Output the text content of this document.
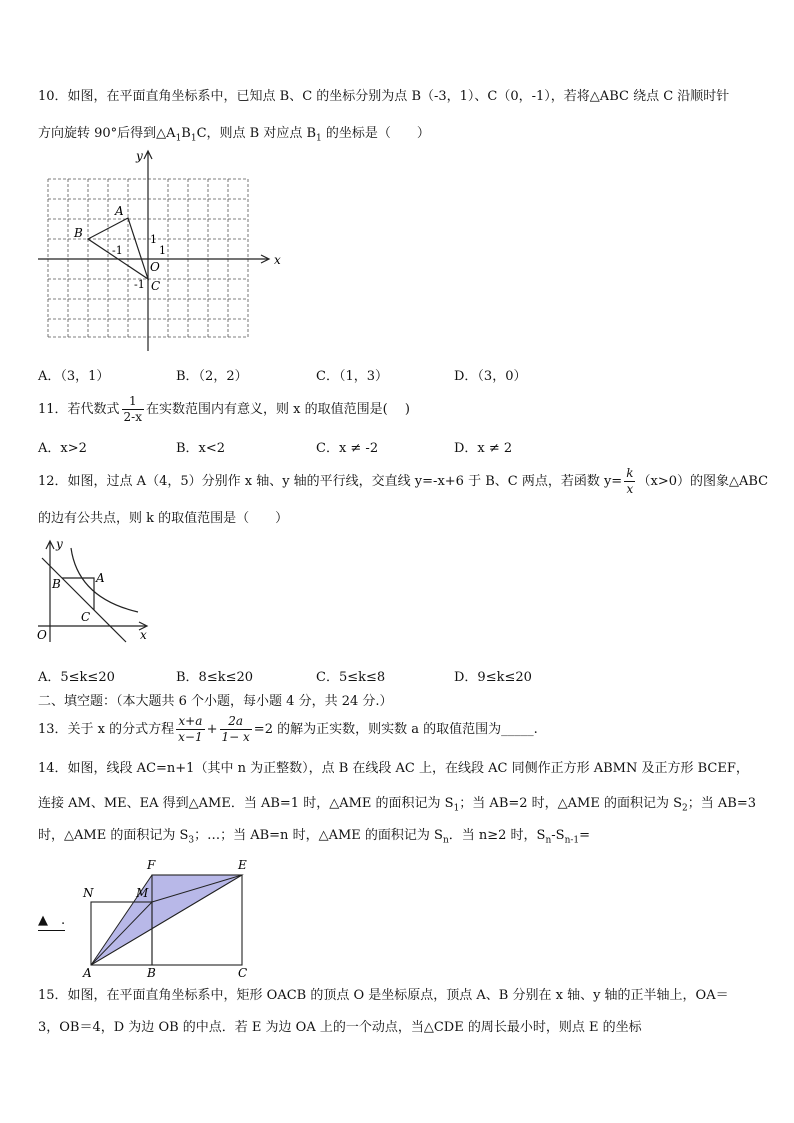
10．如图，在平面直角坐标系中，已知点 B、C 的坐标分别为点 B（-3，1）、C（0，-1），若将△ABC 绕点 C 沿顺时针
方向旋转 90°后得到$\triangle A_1B_1C$，则点 B 对应点 $B_1$ 的坐标是（　　）
x
y
O
A
B
C
-1
1
1
-1
A．（3，1）	B．（2，2）	C．（1，3）	D．（3，0）
11．若代数式 $\frac{1}{2-x}$ 在实数范围内有意义，则 x 的取值范围是(　 )
A．x>2	B．x<2	C．x ≠ -2	D．x ≠ 2
12．如图，过点 A（4，5）分别作 x 轴、y 轴的平行线，交直线 y=-x+6 于 B、C 两点，若函数 $y= \frac{k}{x} (x>0)$的图象△ABC
的边有公共点，则 k 的取值范围是（　　）
y
x
O
A
B
C
A．5≤k≤20	B．8≤k≤20	C．5≤k≤8	D．9≤k≤20
二、填空题：（本大题共 6 个小题，每小题 4 分，共 24 分.）
13．关于 x 的分式方程 $\frac{x+a}{x-1} + \frac{2a}{1- x} =2$ 的解为正实数，则实数 a 的取值范围为_____.
14．如图，线段 AC=n+1（其中 n 为正整数），点 B 在线段 AC 上，在线段 AC 同侧作正方形 ABMN 及正方形 BCEF，
连接 AM、ME、EA 得到△AME．当 AB=1 时，△AME 的面积记为 $S_1$；当 AB=2 时，△AME 的面积记为 $S_2$；当 AB=3
时，△AME 的面积记为 $S_3$；…；当 AB=n 时，△AME 的面积记为 $S_n$．当 n≥2 时，$S_n-S_{n-1}=$
▲　.
N	M
F	E
A	B	C
15．如图，在平面直角坐标系中，矩形 OACB 的顶点 O 是坐标原点，顶点 A、B 分别在 x 轴、y 轴的正半轴上，OA＝
3，OB＝4，D 为边 OB 的中点．若 E 为边 OA 上的一个动点，当△CDE 的周长最小时，则点 E 的坐标
